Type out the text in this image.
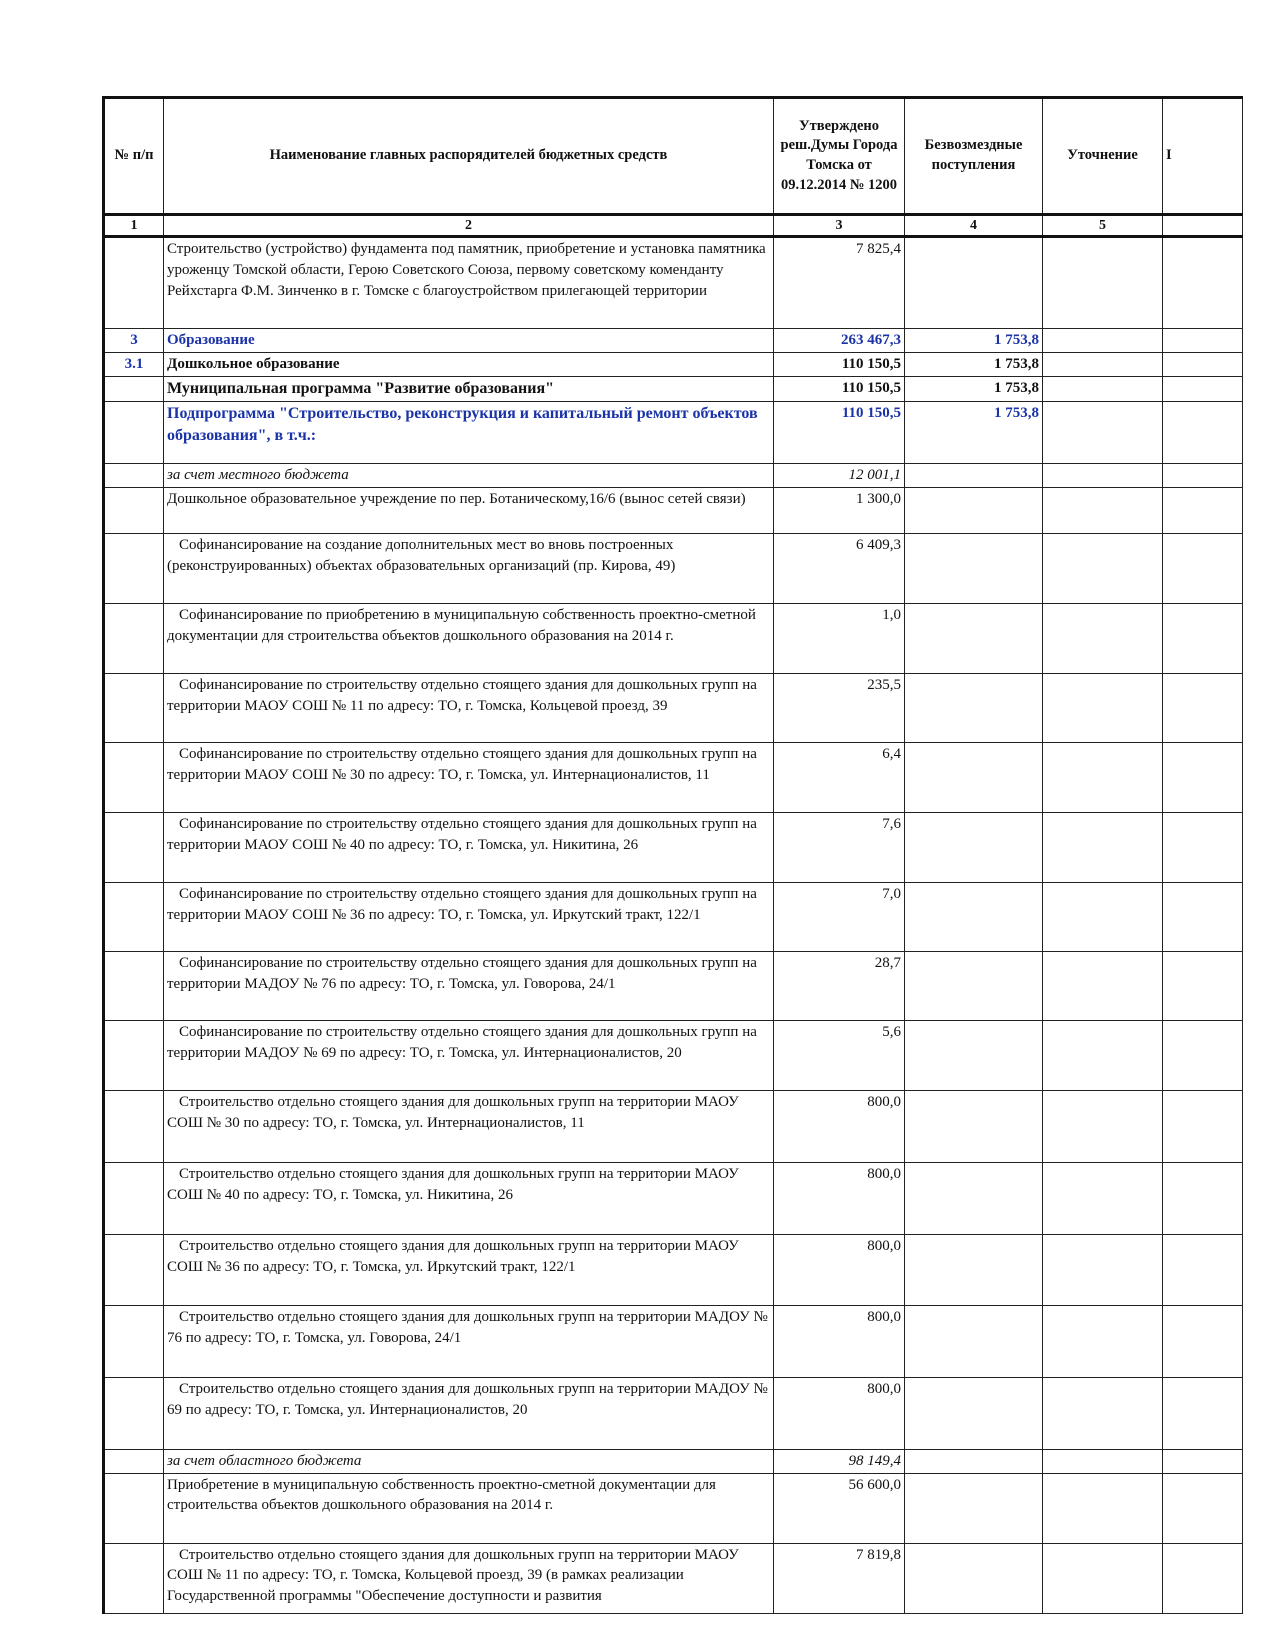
№ п/п	Наименование главных распорядителей бюджетных средств	Утверждено реш.Думы Города Томска от 09.12.2014 № 1200	Безвозмездные поступления	Уточнение	I
1	2	3	4	5	
	Строительство (устройство) фундамента под памятник, приобретение и установка памятника уроженцу Томской области, Герою Советского Союза, первому советскому коменданту Рейхстарга Ф.М. Зинченко в г. Томске с благоустройством прилегающей территории	7 825,4			
3	Образование	263 467,3	1 753,8		
3.1	Дошкольное образование	110 150,5	1 753,8		
	Муниципальная программа "Развитие образования"	110 150,5	1 753,8		
	Подпрограмма "Строительство, реконструкция и капитальный ремонт объектов образования", в т.ч.:	110 150,5	1 753,8		
	за счет местного бюджета	12 001,1			
	Дошкольное образовательное учреждение по пер. Ботаническому,16/6 (вынос сетей связи)	1 300,0			
	Софинансирование на создание дополнительных мест во вновь построенных (реконструированных) объектах образовательных организаций (пр. Кирова, 49)	6 409,3			
	Софинансирование по приобретению в муниципальную собственность проектно-сметной документации для строительства объектов дошкольного образования на 2014 г.	1,0			
	Софинансирование по строительству отдельно стоящего здания для дошкольных групп на территории МАОУ СОШ № 11 по адресу: ТО, г. Томска, Кольцевой проезд, 39	235,5			
	Софинансирование по строительству отдельно стоящего здания для дошкольных групп на территории МАОУ СОШ № 30 по адресу: ТО, г. Томска, ул. Интернационалистов, 11	6,4			
	Софинансирование по строительству отдельно стоящего здания для дошкольных групп на территории МАОУ СОШ № 40 по адресу: ТО, г. Томска, ул. Никитина, 26	7,6			
	Софинансирование по строительству отдельно стоящего здания для дошкольных групп на территории МАОУ СОШ № 36 по адресу: ТО, г. Томска, ул. Иркутский тракт, 122/1	7,0			
	Софинансирование по строительству отдельно стоящего здания для дошкольных групп на территории МАДОУ № 76 по адресу: ТО, г. Томска, ул. Говорова, 24/1	28,7			
	Софинансирование по строительству отдельно стоящего здания для дошкольных групп на территории МАДОУ № 69 по адресу: ТО, г. Томска, ул. Интернационалистов, 20	5,6			
	Строительство отдельно стоящего здания для дошкольных групп на территории МАОУ СОШ № 30 по адресу: ТО, г. Томска, ул. Интернационалистов, 11	800,0			
	Строительство отдельно стоящего здания для дошкольных групп на территории МАОУ СОШ № 40 по адресу: ТО, г. Томска, ул. Никитина, 26	800,0			
	Строительство отдельно стоящего здания для дошкольных групп на территории МАОУ СОШ № 36 по адресу: ТО, г. Томска, ул. Иркутский тракт, 122/1	800,0			
	Строительство отдельно стоящего здания для дошкольных групп на территории МАДОУ № 76 по адресу: ТО, г. Томска, ул. Говорова, 24/1	800,0			
	Строительство отдельно стоящего здания для дошкольных групп на территории МАДОУ № 69 по адресу: ТО, г. Томска, ул. Интернационалистов, 20	800,0			
	за счет областного бюджета	98 149,4			
	Приобретение в муниципальную собственность проектно-сметной документации для строительства объектов дошкольного образования на 2014 г.	56 600,0			
	Строительство отдельно стоящего здания для дошкольных групп на территории МАОУ СОШ № 11 по адресу: ТО, г. Томска, Кольцевой проезд, 39 (в рамках реализации Государственной программы "Обеспечение доступности и развития	7 819,8			
